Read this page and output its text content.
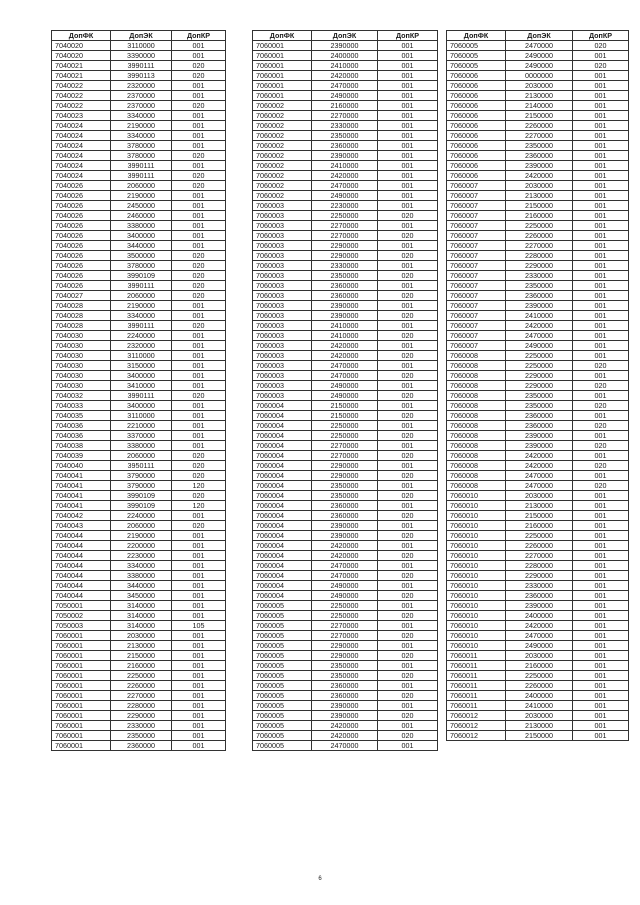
ДопФК	ДопЭК	ДопКР
7040020	3110000	001
7040020	3390000	001
7040021	3990111	020
7040021	3990113	020
7040022	2320000	001
7040022	2370000	001
7040022	2370000	020
7040023	3340000	001
7040024	2190000	001
7040024	3340000	001
7040024	3780000	001
7040024	3780000	020
7040024	3990111	001
7040024	3990111	020
7040026	2060000	020
7040026	2190000	001
7040026	2450000	001
7040026	2460000	001
7040026	3380000	001
7040026	3400000	001
7040026	3440000	001
7040026	3500000	020
7040026	3780000	020
7040026	3990109	020
7040026	3990111	020
7040027	2060000	020
7040028	2190000	001
7040028	3340000	001
7040028	3990111	020
7040030	2240000	001
7040030	2320000	001
7040030	3110000	001
7040030	3150000	001
7040030	3400000	001
7040030	3410000	001
7040032	3990111	020
7040033	3400000	001
7040035	3110000	001
7040036	2210000	001
7040036	3370000	001
7040038	3380000	001
7040039	2060000	020
7040040	3950111	020
7040041	3790000	020
7040041	3790000	120
7040041	3990109	020
7040041	3990109	120
7040042	2240000	001
7040043	2060000	020
7040044	2190000	001
7040044	2200000	001
7040044	2230000	001
7040044	3340000	001
7040044	3380000	001
7040044	3440000	001
7040044	3450000	001
7050001	3140000	001
7050002	3140000	001
7050003	3140000	105
7060001	2030000	001
7060001	2130000	001
7060001	2150000	001
7060001	2160000	001
7060001	2250000	001
7060001	2260000	001
7060001	2270000	001
7060001	2280000	001
7060001	2290000	001
7060001	2330000	001
7060001	2350000	001
7060001	2360000	001
ДопФК	ДопЭК	ДопКР
7060001	2390000	001
7060001	2400000	001
7060001	2410000	001
7060001	2420000	001
7060001	2470000	001
7060001	2490000	001
7060002	2160000	001
7060002	2270000	001
7060002	2330000	001
7060002	2350000	001
7060002	2360000	001
7060002	2390000	001
7060002	2410000	001
7060002	2420000	001
7060002	2470000	001
7060002	2490000	001
7060003	2230000	001
7060003	2250000	020
7060003	2270000	001
7060003	2270000	020
7060003	2290000	001
7060003	2290000	020
7060003	2330000	001
7060003	2350000	020
7060003	2360000	001
7060003	2360000	020
7060003	2390000	001
7060003	2390000	020
7060003	2410000	001
7060003	2410000	020
7060003	2420000	001
7060003	2420000	020
7060003	2470000	001
7060003	2470000	020
7060003	2490000	001
7060003	2490000	020
7060004	2150000	001
7060004	2150000	020
7060004	2250000	001
7060004	2250000	020
7060004	2270000	001
7060004	2270000	020
7060004	2290000	001
7060004	2290000	020
7060004	2350000	001
7060004	2350000	020
7060004	2360000	001
7060004	2360000	020
7060004	2390000	001
7060004	2390000	020
7060004	2420000	001
7060004	2420000	020
7060004	2470000	001
7060004	2470000	020
7060004	2490000	001
7060004	2490000	020
7060005	2250000	001
7060005	2250000	020
7060005	2270000	001
7060005	2270000	020
7060005	2290000	001
7060005	2290000	020
7060005	2350000	001
7060005	2350000	020
7060005	2360000	001
7060005	2360000	020
7060005	2390000	001
7060005	2390000	020
7060005	2420000	001
7060005	2420000	020
7060005	2470000	001
ДопФК	ДопЭК	ДопКР
7060005	2470000	020
7060005	2490000	001
7060005	2490000	020
7060006	0000000	001
7060006	2030000	001
7060006	2130000	001
7060006	2140000	001
7060006	2150000	001
7060006	2260000	001
7060006	2270000	001
7060006	2350000	001
7060006	2360000	001
7060006	2390000	001
7060006	2420000	001
7060007	2030000	001
7060007	2130000	001
7060007	2150000	001
7060007	2160000	001
7060007	2250000	001
7060007	2260000	001
7060007	2270000	001
7060007	2280000	001
7060007	2290000	001
7060007	2330000	001
7060007	2350000	001
7060007	2360000	001
7060007	2390000	001
7060007	2410000	001
7060007	2420000	001
7060007	2470000	001
7060007	2490000	001
7060008	2250000	001
7060008	2250000	020
7060008	2290000	001
7060008	2290000	020
7060008	2350000	001
7060008	2350000	020
7060008	2360000	001
7060008	2360000	020
7060008	2390000	001
7060008	2390000	020
7060008	2420000	001
7060008	2420000	020
7060008	2470000	001
7060008	2470000	020
7060010	2030000	001
7060010	2130000	001
7060010	2150000	001
7060010	2160000	001
7060010	2250000	001
7060010	2260000	001
7060010	2270000	001
7060010	2280000	001
7060010	2290000	001
7060010	2330000	001
7060010	2360000	001
7060010	2390000	001
7060010	2400000	001
7060010	2420000	001
7060010	2470000	001
7060010	2490000	001
7060011	2030000	001
7060011	2160000	001
7060011	2250000	001
7060011	2260000	001
7060011	2400000	001
7060011	2410000	001
7060012	2030000	001
7060012	2130000	001
7060012	2150000	001
6
